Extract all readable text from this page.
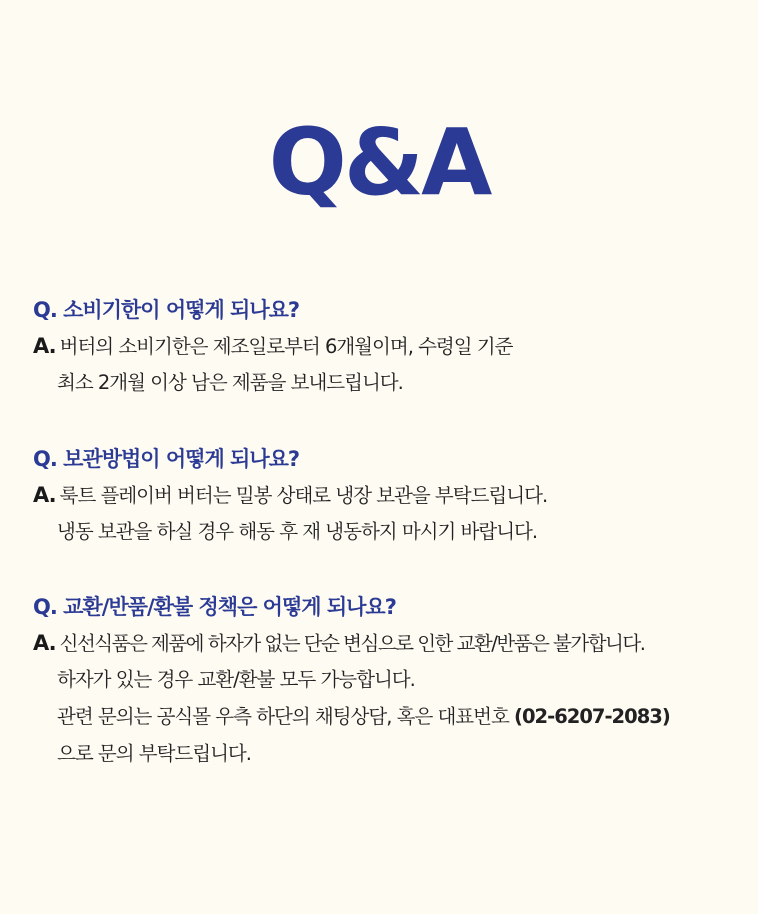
Q&A
Q. 소비기한이 어떻게 되나요?
A. 버터의 소비기한은 제조일로부터 6개월이며, 수령일 기준
최소 2개월 이상 남은 제품을 보내드립니다.
Q. 보관방법이 어떻게 되나요?
A. 룩트 플레이버 버터는 밀봉 상태로 냉장 보관을 부탁드립니다.
냉동 보관을 하실 경우 해동 후 재 냉동하지 마시기 바랍니다.
Q. 교환/반품/환불 정책은 어떻게 되나요?
A. 신선식품은 제품에 하자가 없는 단순 변심으로 인한 교환/반품은 불가합니다.
하자가 있는 경우 교환/환불 모두 가능합니다.
관련 문의는 공식몰 우측 하단의 채팅상담, 혹은 대표번호 (02-6207-2083)
으로 문의 부탁드립니다.
